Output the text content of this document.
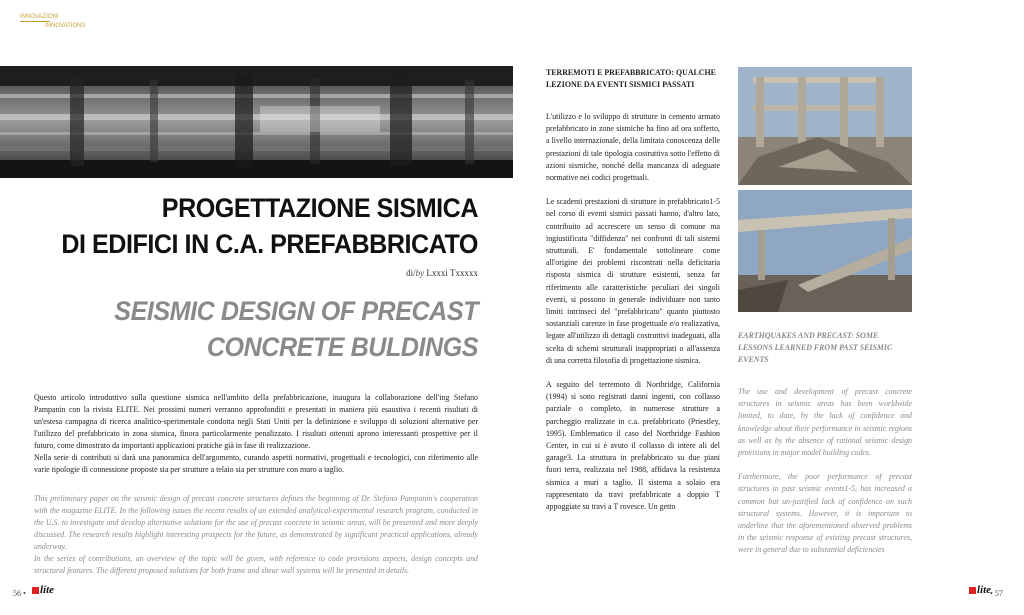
INNOVAZIONI
INNOVATIONS
PROGETTAZIONE SISMICA
DI EDIFICI IN C.A. PREFABBRICATO
di/by Lxxxi Txxxxx
SEISMIC DESIGN OF PRECAST
CONCRETE BULDINGS

Questo articolo introduttivo sulla questione sismica nell'ambito della prefabbricazione, inaugura la collaborazione dell'ing Stefano Pampanin con la rivista ELITE. Nei prossimi numeri verranno approfonditi e presentati in maniera più esaustiva i recenti risultati di un'estesa campagna di ricerca analitico-sperimentale condotta negli Stati Uniti per la definizione e sviluppo di soluzioni alternative per l'utilizzo del prefabbricato in zona sismica, finora particolarmente penalizzato. I risultati ottenuti aprono interessanti prospettive per il futuro, come dimostrato da importanti applicazioni pratiche già in fase di realizzazione.

Nella serie di contributi si darà una panoramica dell'argomento, curando aspetti normativi, progettuali e tecnologici, con riferimento alle varie tipologie di connessione proposte sia per strutture a telaio sia per strutture con muro a taglio.

This preliminary paper on the seismic design of precast concrete structures defines the beginning of Dr. Stefano Pampanin's cooperation with the magazine ELITE. In the following issues the recent results of an extended analytical-experimental research program, conducted in the U.S. to investigate and develop alternative solutions for the use of precast concrete in seismic areas, will be presented and more deeply discussed. The research results highlight interesting prospects for the future, as demonstrated by significant practical applications, already underway.

In the series of contributions, an overview of the topic will be given, with reference to code provisions aspects, design concepts and structural features. The different proposed solutions for both frame and shear wall systems will be presented in details.

TERREMOTI E PREFABBRICATO: QUALCHE LEZIONE DA EVENTI SISMICI PASSATI

L'utilizzo e lo sviluppo di strutture in cemento armato prefabbricato in zone sismiche ha fino ad ora sofferto, a livello internazionale, della limitata conoscenza delle prestazioni di tale tipologia costruttiva sotto l'effetto di azioni sismiche, nonché della mancanza di adeguate normative nei codici progettuali.

Le scadenti prestazioni di strutture in prefabbricato1-5 nel corso di eventi sismici passati hanno, d'altro lato, contribuito ad accrescere un senso di comune ma ingiustificata "diffidenza" nei confronti di tali sistemi strutturali. E' fondamentale sottolineare come all'origine dei problemi riscontrati nella deficitaria risposta sismica di strutture esistenti, senza far riferimento alle caratteristiche peculiari dei singoli eventi, si possono in generale individuare non tanto limiti intrinseci del "prefabbricato" quanto piuttosto sostanziali carenze in fase progettuale e/o realizzativa, legate all'utilizzo di dettagli costruttivi inadeguati, alla scelta di schemi strutturali inappropriati o all'assenza di una corretta filosofia di progettazione sismica.

A seguito del terremoto di Northridge, California (1994) si sono registrati danni ingenti, con collasso parziale o completo, in numerose strutture a parcheggio realizzate in c.a. prefabbricato (Priestley, 1995). Emblematico il caso del Northridge Fashion Center, in cui si è avuto il collasso di intere ali del garage3. La struttura in prefabbricato su due piani fuori terra, realizzata nel 1988, affidava la resistenza sismica a muri a taglio. Il sistema a solaio era rappresentato da travi prefabbricate a doppio T appoggiate su travi a T rovesce. Un getto

EARTHQUAKES AND PRECAST: SOME LESSONS LEARNED FROM PAST SEISMIC EVENTS

The use and development of precast concrete structures in seismic areas has been worldwide limited, to date, by the lack of confidence and knowledge about their performance in seismic regions as well as by the absence of rational seismic design provisions in major model building codes.

Furthermore, the poor performance of precast structures in past seismic events1-5, has increased a common but un-justified lack of confidence on such structural systems. However, it is important to underline that the aforementioned observed problems in the seismic response of existing precast structures, were in general due to substantial deficiencies

56 •	lite	lite
• 57
